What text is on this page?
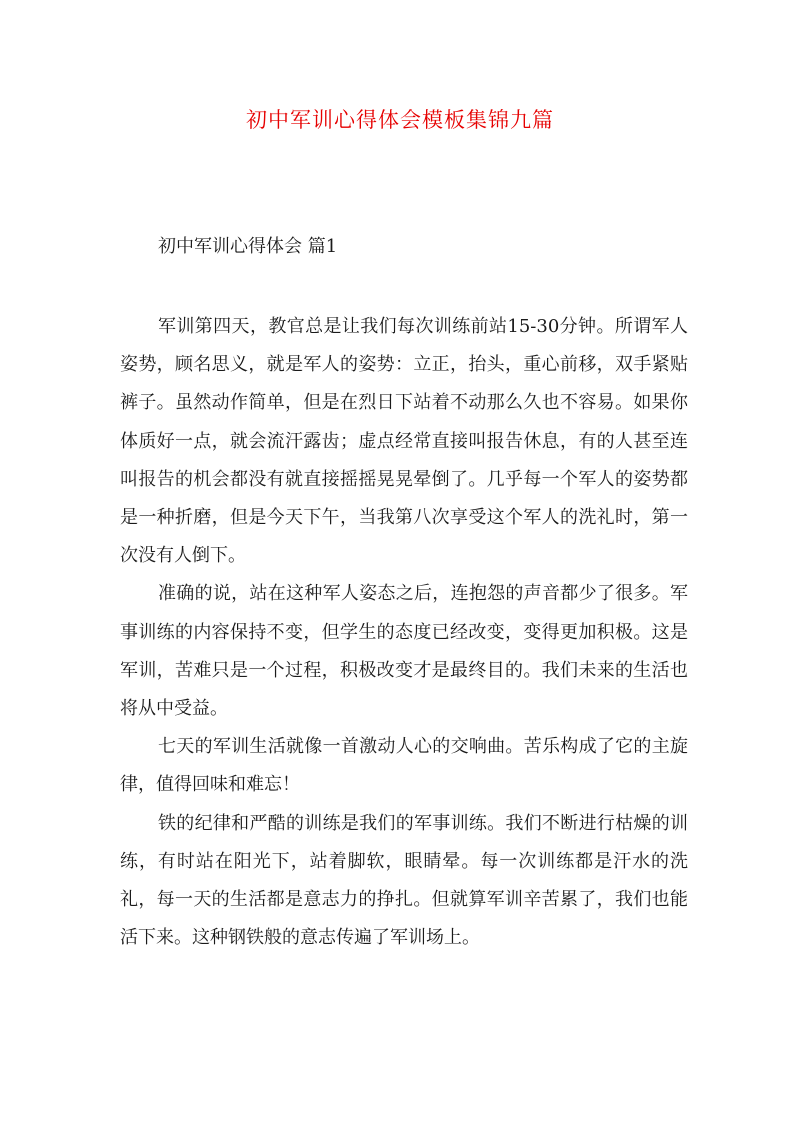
初中军训心得体会模板集锦九篇
初中军训心得体会 篇1

军训第四天，教官总是让我们每次训练前站15-30分钟。所谓军人姿势，顾名思义，就是军人的姿势：立正，抬头，重心前移，双手紧贴裤子。虽然动作简单，但是在烈日下站着不动那么久也不容易。如果你体质好一点，就会流汗露齿；虚点经常直接叫报告休息，有的人甚至连叫报告的机会都没有就直接摇摇晃晃晕倒了。几乎每一个军人的姿势都是一种折磨，但是今天下午，当我第八次享受这个军人的洗礼时，第一次没有人倒下。

准确的说，站在这种军人姿态之后，连抱怨的声音都少了很多。军事训练的内容保持不变，但学生的态度已经改变，变得更加积极。这是军训，苦难只是一个过程，积极改变才是最终目的。我们未来的生活也将从中受益。

七天的军训生活就像一首激动人心的交响曲。苦乐构成了它的主旋律，值得回味和难忘！

铁的纪律和严酷的训练是我们的军事训练。我们不断进行枯燥的训练，有时站在阳光下，站着脚软，眼睛晕。每一次训练都是汗水的洗礼，每一天的生活都是意志力的挣扎。但就算军训辛苦累了，我们也能活下来。这种钢铁般的意志传遍了军训场上。
